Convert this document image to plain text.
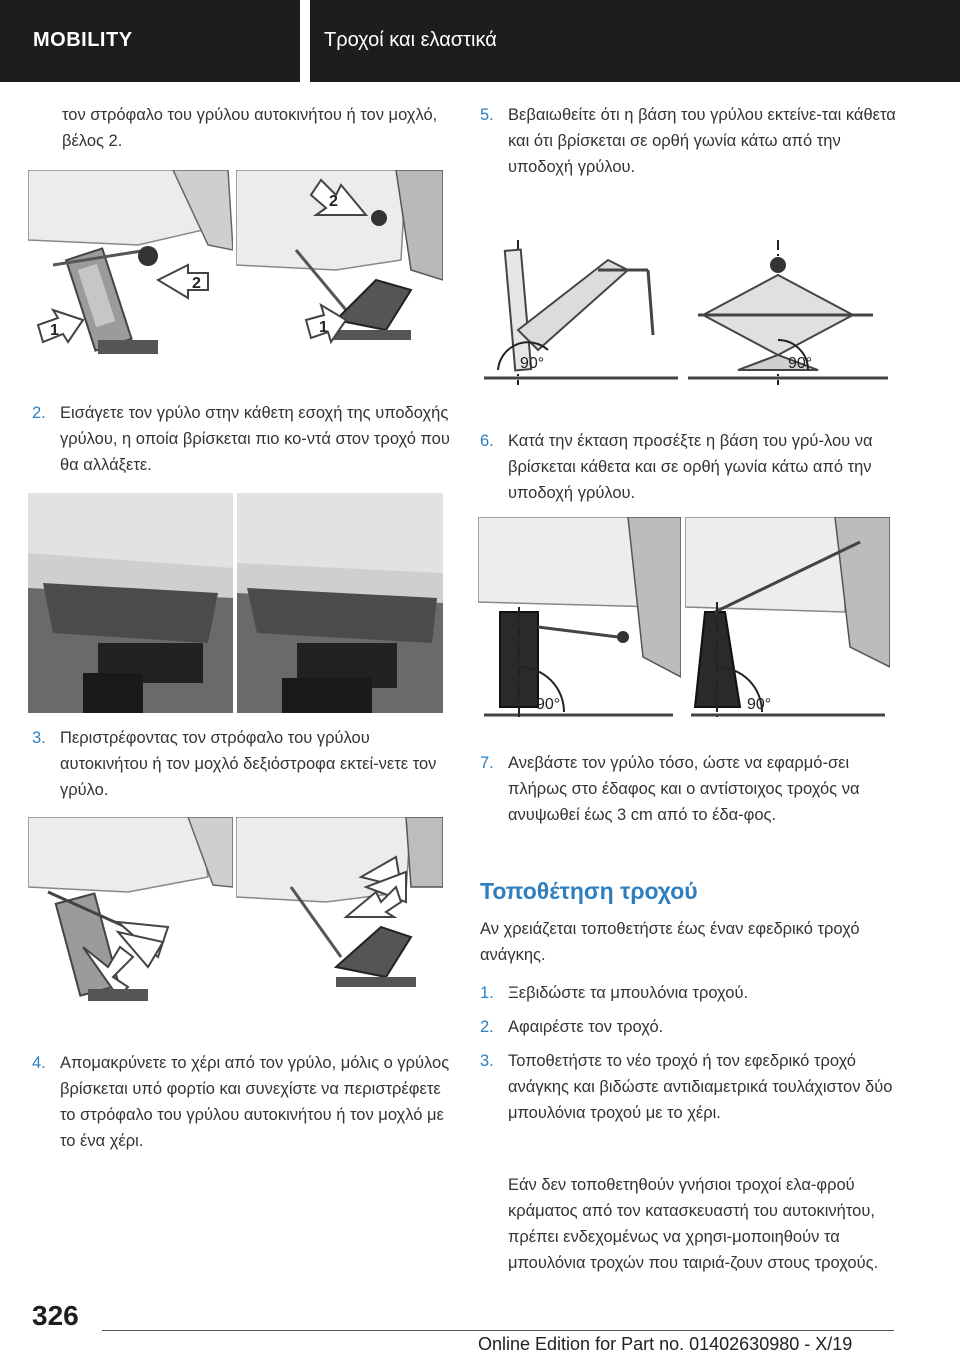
MOBILITY	Τροχοί και ελαστικά

τον στρόφαλο του γρύλου αυτοκινήτου ή τον μοχλό, βέλος 2.

2
1
2
1
2. Εισάγετε τον γρύλο στην κάθετη εσοχή της υποδοχής γρύλου, η οποία βρίσκεται πιο κο-ντά στον τροχό που θα αλλάξετε.
3. Περιστρέφοντας τον στρόφαλο του γρύλου αυτοκινήτου ή τον μοχλό δεξιόστροφα εκτεί-νετε τον γρύλο.
4. Απομακρύνετε το χέρι από τον γρύλο, μόλις ο γρύλος βρίσκεται υπό φορτίο και συνεχίστε να περιστρέφετε το στρόφαλο του γρύλου αυτοκινήτου ή τον μοχλό με το ένα χέρι.
5. Βεβαιωθείτε ότι η βάση του γρύλου εκτείνε-ται κάθετα και ότι βρίσκεται σε ορθή γωνία κάτω από την υποδοχή γρύλου.
90°	90°
6. Κατά την έκταση προσέξτε η βάση του γρύ-λου να βρίσκεται κάθετα και σε ορθή γωνία κάτω από την υποδοχή γρύλου.
90°	90°
7. Ανεβάστε τον γρύλο τόσο, ώστε να εφαρμό-σει πλήρως στο έδαφος και ο αντίστοιχος τροχός να ανυψωθεί έως 3 cm από το έδα-φος.
Τοποθέτηση τροχού

Αν χρειάζεται τοποθετήστε έως έναν εφεδρικό τροχό ανάγκης.

1. Ξεβιδώστε τα μπουλόνια τροχού.
2. Αφαιρέστε τον τροχό.
3. Τοποθετήστε το νέο τροχό ή τον εφεδρικό τροχό ανάγκης και βιδώστε αντιδιαμετρικά τουλάχιστον δύο μπουλόνια τροχού με το χέρι.

Εάν δεν τοποθετηθούν γνήσιοι τροχοί ελα-φρού κράματος από τον κατασκευαστή του αυτοκινήτου, πρέπει ενδεχομένως να χρησι-μοποιηθούν τα μπουλόνια τροχών που ταιριά-ζουν στους τροχούς.

326
Online Edition for Part no. 01402630980 - X/19
